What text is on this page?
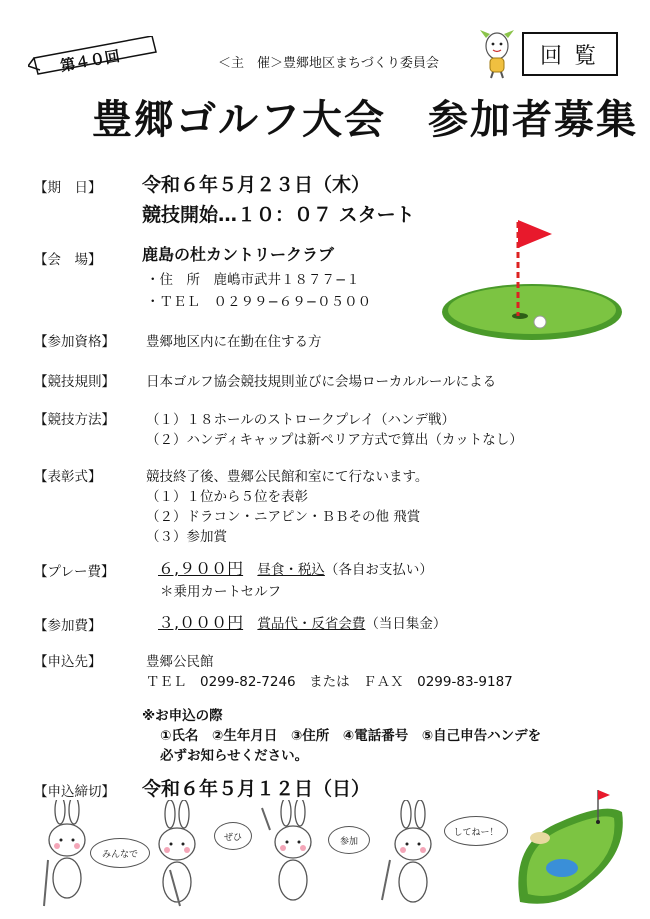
第４０回	＜主　催＞豊郷地区まちづくり委員会	回覧
豊郷ゴルフ大会　参加者募集
【期　日】 令和６年５月２３日（木）
競技開始…１０：０７ スタート
【会　場】	鹿島の杜カントリークラブ
・住　所　鹿嶋市武井１８７７−１
・ＴＥＬ　０２９９−６９−０５００
【参加資格】 豊郷地区内に在勤在住する方
【競技規則】 日本ゴルフ協会競技規則並びに会場ローカルルールによる
【競技方法】 （１）１８ホールのストロークプレイ（ハンデ戦）
（２）ハンディキャップは新ペリア方式で算出（カットなし）
【表彰式】	競技終了後、豊郷公民館和室にて行ないます。
（１）１位から５位を表彰
（２）ドラコン・ニアピン・ＢＢその他 飛賞
（３）参加賞
【プレー費】	６,９００円 昼食・税込（各自お支払い）
＊乗用カートセルフ
【参加費】	３,０００円 賞品代・反省会費（当日集金）
【申込先】	豊郷公民館
ＴＥＬ　0299-82-7246　または　ＦＡＸ　0299-83-9187
※お申込の際
①氏名　②生年月日　③住所　④電話番号　⑤自己申告ハンデを
必ずお知らせください。
【申込締切】 令和６年５月１２日（日）
みんなで
ぜひ	参加
してねー！
